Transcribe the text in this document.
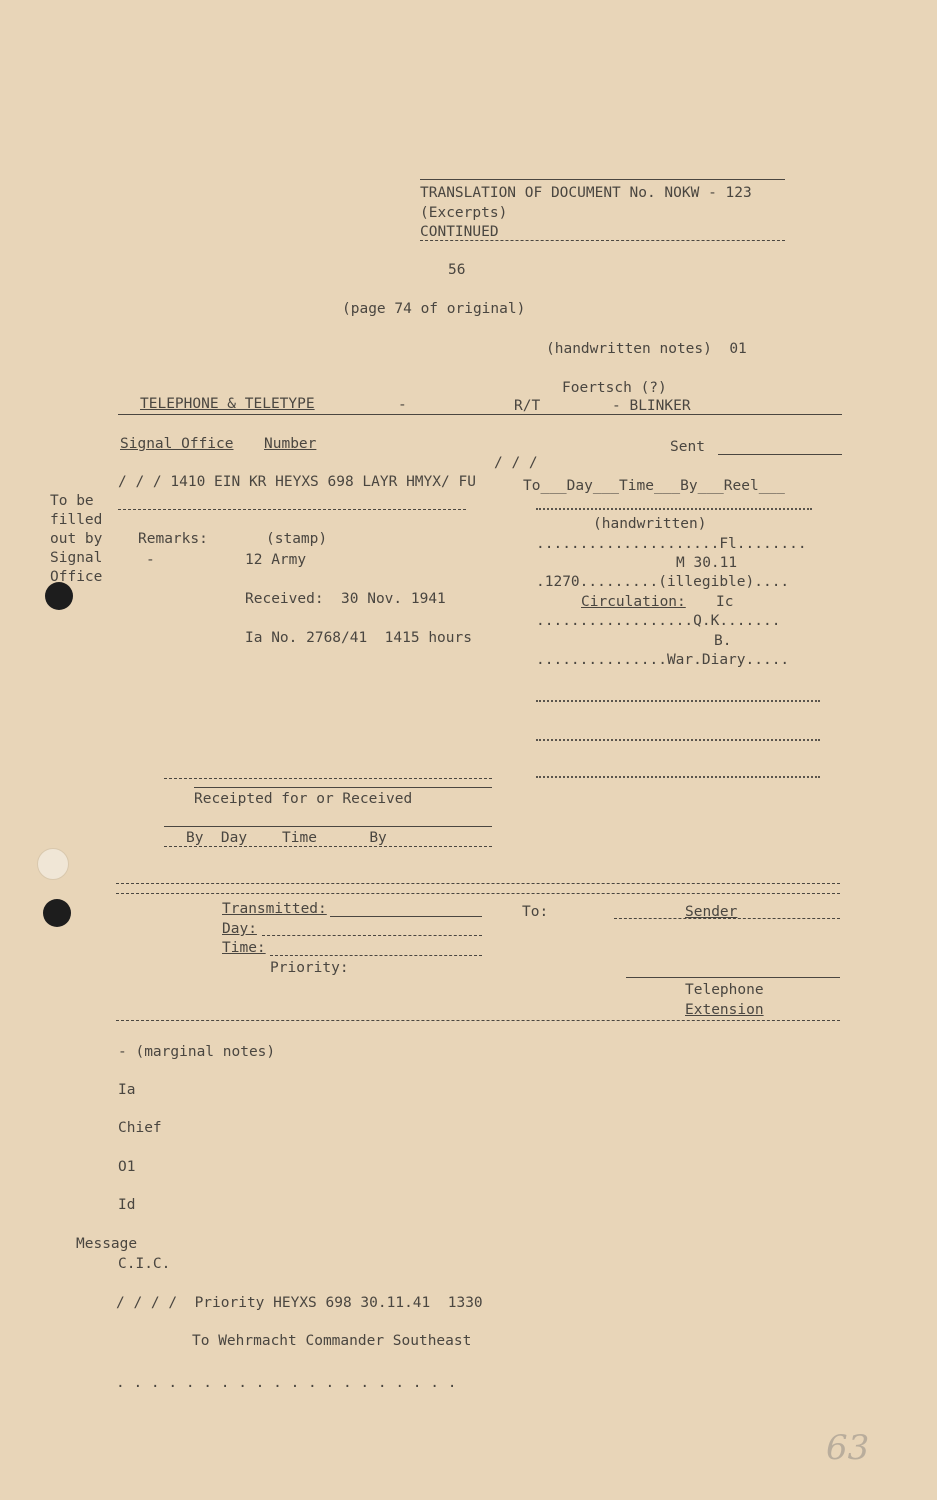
TRANSLATION OF DOCUMENT No. NOKW - 123
(Excerpts)
CONTINUED
56
(page 74 of original)
(handwritten notes)  01
Foertsch (?)
TELEPHONE & TELETYPE	-	R/T	- BLINKER
Signal Office Number	Sent
/ / /
/ / / 1410 EIN KR HEYXS 698 LAYR HMYX/ FU	To___Day___Time___By___Reel___
To be
filled
out by
Signal
Office
Remarks:	(stamp)
-	12 Army
Received:  30 Nov. 1941
Ia No. 2768/41  1415 hours
(handwritten)
.....................Fl........
M 30.11
.1270.........(illegible)....
Circulation: Ic
..................Q.K.......
B.
...............War.Diary.....
Receipted for or Received
By  Day    Time      By
Transmitted:	To:	Sender
Day:
Time:
Priority:
Telephone
Extension
- (marginal notes)
Ia
Chief
O1
Id
Message
C.I.C.
/ / / /  Priority HEYXS 698 30.11.41  1330
To Wehrmacht Commander Southeast
. . . . . . . . . . . . . . . . . . . .
63
